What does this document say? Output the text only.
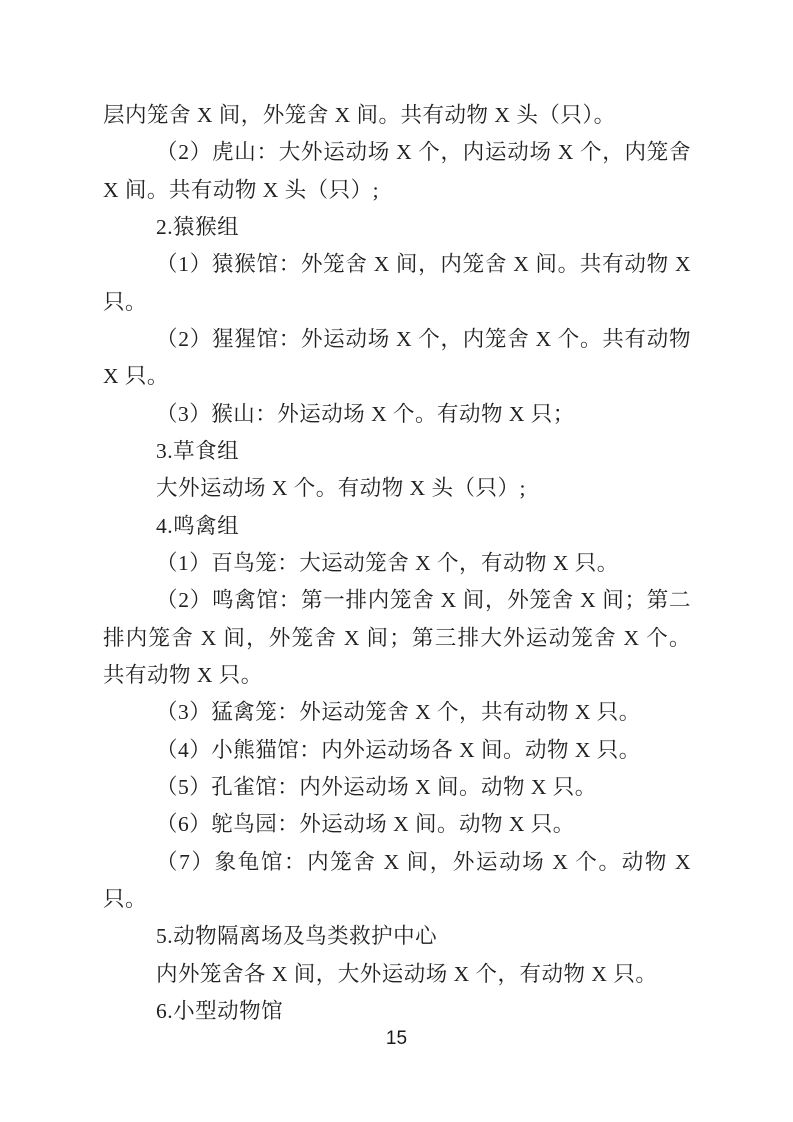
层内笼舍 X 间，外笼舍 X 间。共有动物 X 头（只）。

（2）虎山：大外运动场 X 个，内运动场 X 个，内笼舍 X 间。共有动物 X 头（只）;

2.猿猴组

（1）猿猴馆：外笼舍 X 间，内笼舍 X 间。共有动物 X 只。

（2）猩猩馆：外运动场 X 个，内笼舍 X 个。共有动物 X 只。

（3）猴山：外运动场 X 个。有动物 X 只；

3.草食组

大外运动场 X 个。有动物 X 头（只）;

4.鸣禽组

（1）百鸟笼：大运动笼舍 X 个，有动物 X 只。

（2）鸣禽馆：第一排内笼舍 X 间，外笼舍 X 间；第二排内笼舍 X 间，外笼舍 X 间；第三排大外运动笼舍 X 个。共有动物 X 只。

（3）猛禽笼：外运动笼舍 X 个，共有动物 X 只。

（4）小熊猫馆：内外运动场各 X 间。动物 X 只。

（5）孔雀馆：内外运动场 X 间。动物 X 只。

（6）鸵鸟园：外运动场 X 间。动物 X 只。

（7）象龟馆：内笼舍 X 间，外运动场 X 个。动物 X 只。

5.动物隔离场及鸟类救护中心

内外笼舍各 X 间，大外运动场 X 个，有动物 X 只。

6.小型动物馆

15
